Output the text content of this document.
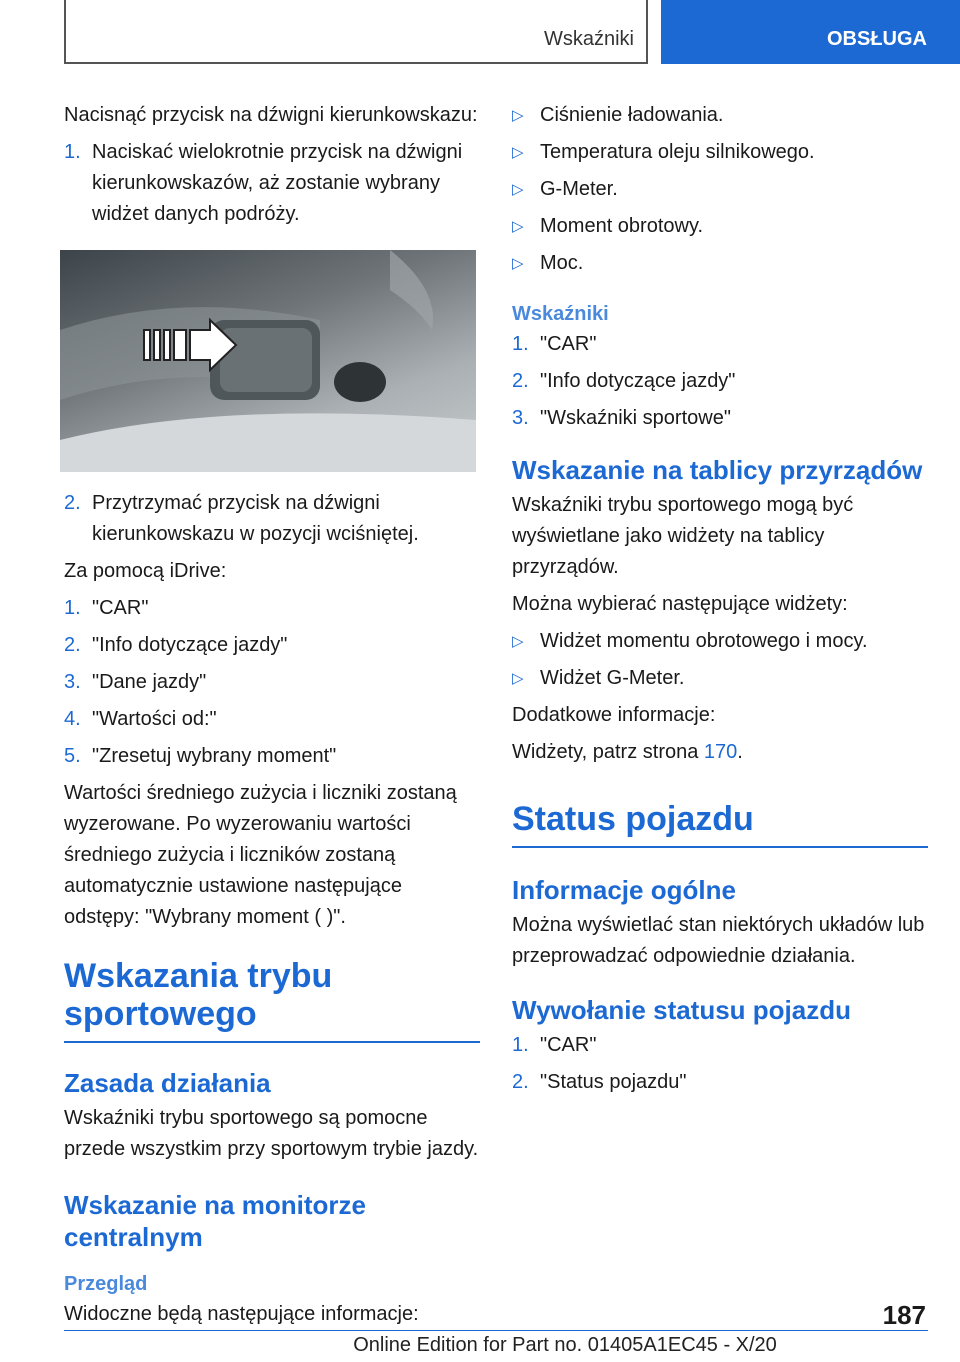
Wskaźniki	OBSŁUGA

Nacisnąć przycisk na dźwigni kierunkowskazu:

1. Naciskać wielokrotnie przycisk na dźwigni kierunkowskazów, aż zostanie wybrany widżet danych podróży.
2. Przytrzymać przycisk na dźwigni kierunkowskazu w pozycji wciśniętej.

Za pomocą iDrive:

1. "CAR"
2. "Info dotyczące jazdy"
3. "Dane jazdy"
4. "Wartości od:"
5. "Zresetuj wybrany moment"

Wartości średniego zużycia i liczniki zostaną wyzerowane. Po wyzerowaniu wartości średniego zużycia i liczników zostaną automatycznie ustawione następujące odstępy: "Wybrany moment ( )".

Wskazania trybu sportowego
Zasada działania

Wskaźniki trybu sportowego są pomocne przede wszystkim przy sportowym trybie jazdy.

Wskazanie na monitorze centralnym
Przegląd

Widoczne będą następujące informacje:

▷ Ciśnienie ładowania.
▷ Temperatura oleju silnikowego.
▷ G-Meter.
▷ Moment obrotowy.
▷ Moc.
Wskaźniki
1. "CAR"
2. "Info dotyczące jazdy"
3. "Wskaźniki sportowe"
Wskazanie na tablicy przyrządów

Wskaźniki trybu sportowego mogą być wyświetlane jako widżety na tablicy przyrządów.

Można wybierać następujące widżety:

▷ Widżet momentu obrotowego i mocy.
▷ Widżet G-Meter.

Dodatkowe informacje:

Widżety, patrz strona 170.

Status pojazdu
Informacje ogólne

Można wyświetlać stan niektórych układów lub przeprowadzać odpowiednie działania.

Wywołanie statusu pojazdu
1. "CAR"
2. "Status pojazdu"
187
Online Edition for Part no. 01405A1EC45 - X/20
